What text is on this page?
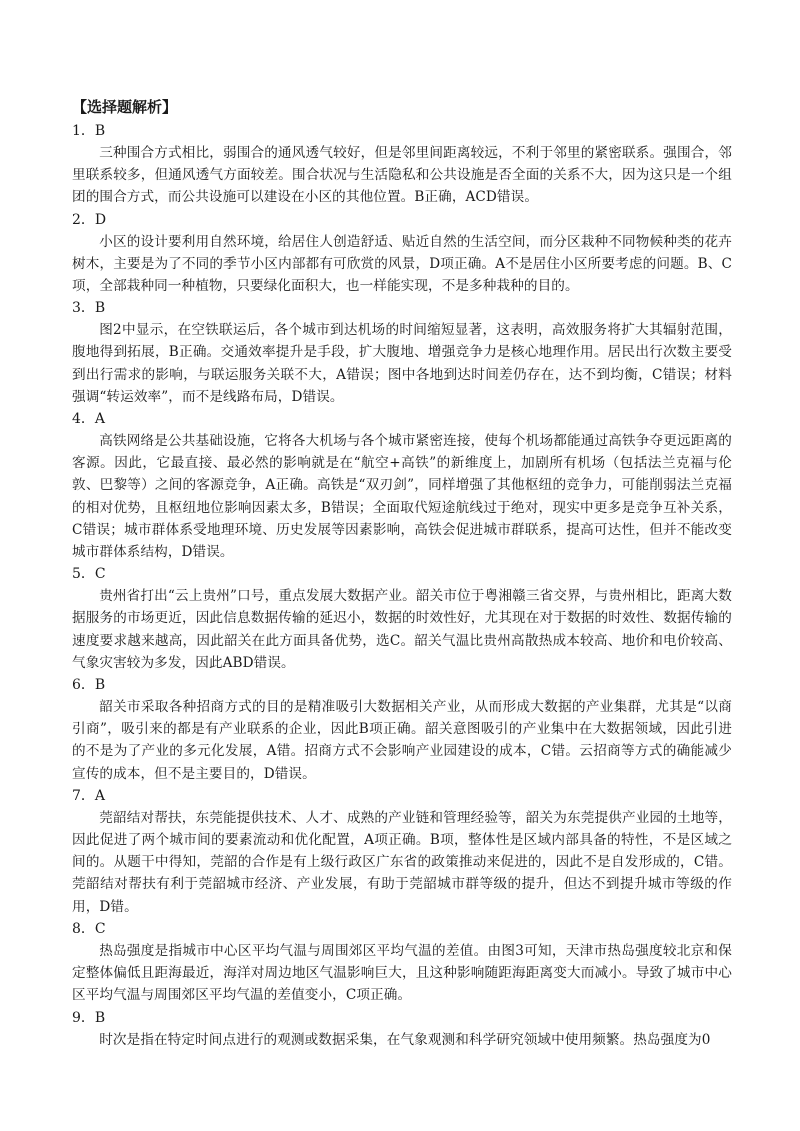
【选择题解析】

1．B

三种围合方式相比，弱围合的通风透气较好，但是邻里间距离较远，不利于邻里的紧密联系。强围合，邻里联系较多，但通风透气方面较差。围合状况与生活隐私和公共设施是否全面的关系不大，因为这只是一个组团的围合方式，而公共设施可以建设在小区的其他位置。B正确，ACD错误。

2．D

小区的设计要利用自然环境，给居住人创造舒适、贴近自然的生活空间，而分区栽种不同物候种类的花卉树木，主要是为了不同的季节小区内部都有可欣赏的风景，D项正确。A不是居住小区所要考虑的问题。B、C项，全部栽种同一种植物，只要绿化面积大，也一样能实现，不是多种栽种的目的。

3．B

图2中显示，在空铁联运后，各个城市到达机场的时间缩短显著，这表明，高效服务将扩大其辐射范围，腹地得到拓展，B正确。交通效率提升是手段，扩大腹地、增强竞争力是核心地理作用。居民出行次数主要受到出行需求的影响，与联运服务关联不大，A错误；图中各地到达时间差仍存在，达不到均衡，C错误；材料强调“转运效率”，而不是线路布局，D错误。

4．A

高铁网络是公共基础设施，它将各大机场与各个城市紧密连接，使每个机场都能通过高铁争夺更远距离的客源。因此，它最直接、最必然的影响就是在“航空+高铁”的新维度上，加剧所有机场（包括法兰克福与伦敦、巴黎等）之间的客源竞争，A正确。高铁是“双刃剑”，同样增强了其他枢纽的竞争力，可能削弱法兰克福的相对优势，且枢纽地位影响因素太多，B错误；全面取代短途航线过于绝对，现实中更多是竞争互补关系，C错误；城市群体系受地理环境、历史发展等因素影响，高铁会促进城市群联系，提高可达性，但并不能改变城市群体系结构，D错误。

5．C

贵州省打出“云上贵州”口号，重点发展大数据产业。韶关市位于粤湘赣三省交界，与贵州相比，距离大数据服务的市场更近，因此信息数据传输的延迟小，数据的时效性好，尤其现在对于数据的时效性、数据传输的速度要求越来越高，因此韶关在此方面具备优势，选C。韶关气温比贵州高散热成本较高、地价和电价较高、气象灾害较为多发，因此ABD错误。

6．B

韶关市采取各种招商方式的目的是精准吸引大数据相关产业，从而形成大数据的产业集群，尤其是“以商引商”，吸引来的都是有产业联系的企业，因此B项正确。韶关意图吸引的产业集中在大数据领域，因此引进的不是为了产业的多元化发展，A错。招商方式不会影响产业园建设的成本，C错。云招商等方式的确能减少宣传的成本，但不是主要目的，D错误。

7．A

莞韶结对帮扶，东莞能提供技术、人才、成熟的产业链和管理经验等，韶关为东莞提供产业园的土地等，因此促进了两个城市间的要素流动和优化配置，A项正确。B项，整体性是区域内部具备的特性，不是区域之间的。从题干中得知，莞韶的合作是有上级行政区广东省的政策推动来促进的，因此不是自发形成的，C错。莞韶结对帮扶有利于莞韶城市经济、产业发展，有助于莞韶城市群等级的提升，但达不到提升城市等级的作用，D错。

8．C

热岛强度是指城市中心区平均气温与周围郊区平均气温的差值。由图3可知，天津市热岛强度较北京和保定整体偏低且距海最近，海洋对周边地区气温影响巨大，且这种影响随距海距离变大而减小。导致了城市中心区平均气温与周围郊区平均气温的差值变小，C项正确。

9．B

时次是指在特定时间点进行的观测或数据采集，在气象观测和科学研究领域中使用频繁。热岛强度为0
